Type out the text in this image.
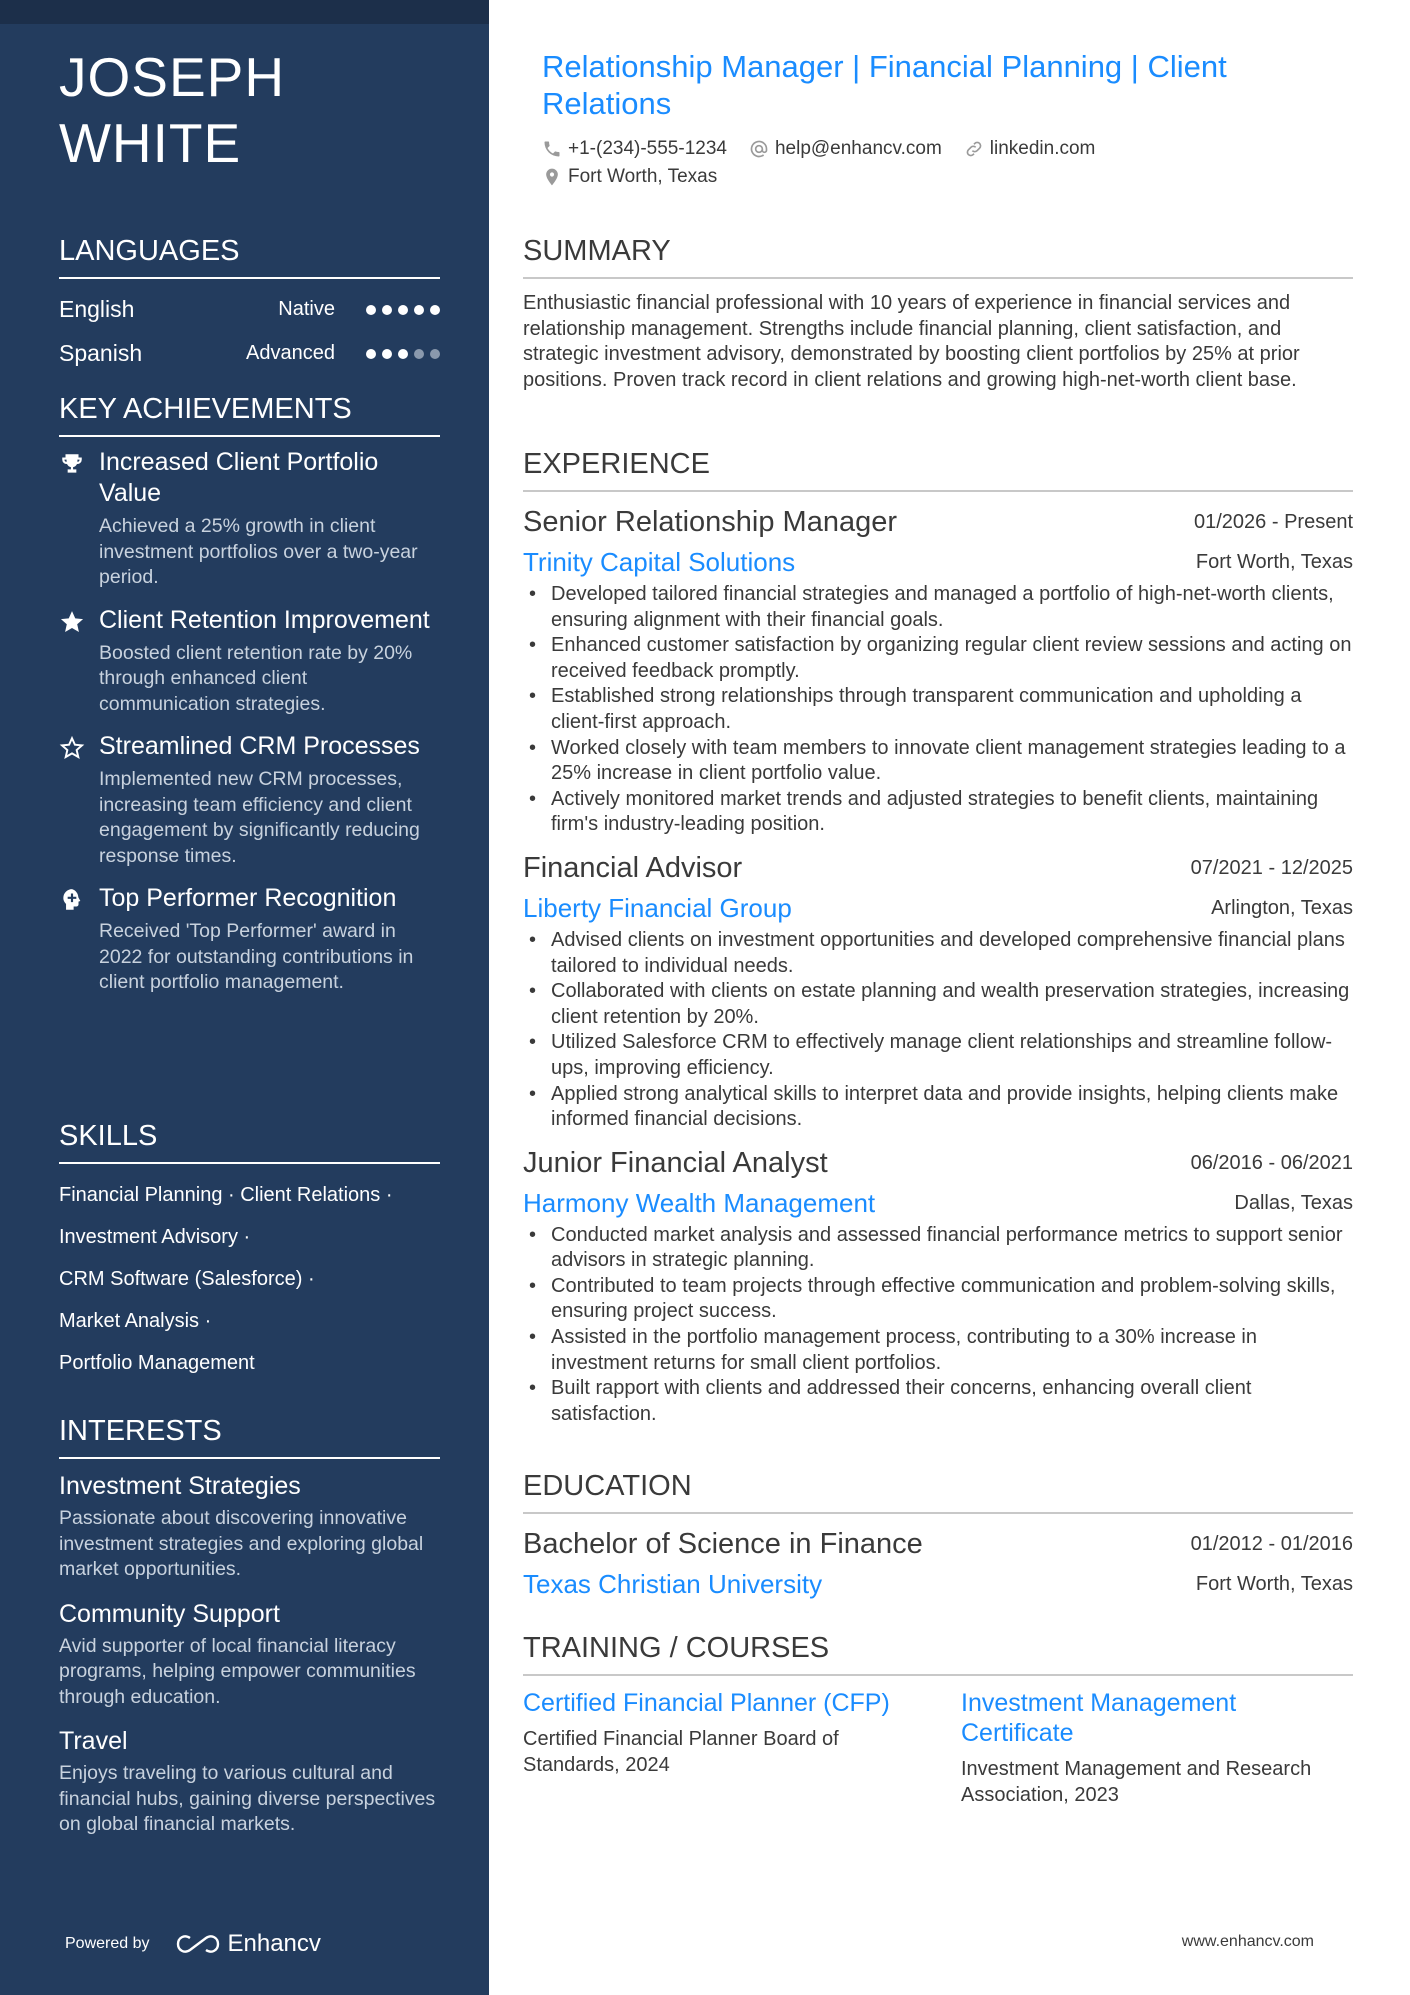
JOSEPH WHITE
LANGUAGES
English	Native
Spanish	Advanced
KEY ACHIEVEMENTS
Increased Client Portfolio Value
Achieved a 25% growth in client investment portfolios over a two-year period.
Client Retention Improvement
Boosted client retention rate by 20% through enhanced client communication strategies.
Streamlined CRM Processes
Implemented new CRM processes, increasing team efficiency and client engagement by significantly reducing response times.
Top Performer Recognition
Received 'Top Performer' award in 2022 for outstanding contributions in client portfolio management.
SKILLS
Financial Planning · Client Relations ·
Investment Advisory ·
CRM Software (Salesforce) ·
Market Analysis ·
Portfolio Management
INTERESTS
Investment Strategies
Passionate about discovering innovative investment strategies and exploring global market opportunities.
Community Support
Avid supporter of local financial literacy programs, helping empower communities through education.
Travel
Enjoys traveling to various cultural and financial hubs, gaining diverse perspectives on global financial markets.
Powered by	Enhancv
Relationship Manager | Financial Planning | Client Relations
+1-(234)-555-1234	help@enhancv.com	linkedin.com
Fort Worth, Texas
SUMMARY
Enthusiastic financial professional with 10 years of experience in financial services and relationship management. Strengths include financial planning, client satisfaction, and strategic investment advisory, demonstrated by boosting client portfolios by 25% at prior positions. Proven track record in client relations and growing high-net-worth client base.
EXPERIENCE
Senior Relationship Manager	01/2026 - Present
Trinity Capital Solutions	Fort Worth, Texas
• Developed tailored financial strategies and managed a portfolio of high-net-worth clients, ensuring alignment with their financial goals.
• Enhanced customer satisfaction by organizing regular client review sessions and acting on received feedback promptly.
• Established strong relationships through transparent communication and upholding a client-first approach.
• Worked closely with team members to innovate client management strategies leading to a 25% increase in client portfolio value.
• Actively monitored market trends and adjusted strategies to benefit clients, maintaining firm's industry-leading position.
Financial Advisor	07/2021 - 12/2025
Liberty Financial Group	Arlington, Texas
• Advised clients on investment opportunities and developed comprehensive financial plans tailored to individual needs.
• Collaborated with clients on estate planning and wealth preservation strategies, increasing client retention by 20%.
• Utilized Salesforce CRM to effectively manage client relationships and streamline follow-ups, improving efficiency.
• Applied strong analytical skills to interpret data and provide insights, helping clients make informed financial decisions.
Junior Financial Analyst	06/2016 - 06/2021
Harmony Wealth Management	Dallas, Texas
• Conducted market analysis and assessed financial performance metrics to support senior advisors in strategic planning.
• Contributed to team projects through effective communication and problem-solving skills, ensuring project success.
• Assisted in the portfolio management process, contributing to a 30% increase in investment returns for small client portfolios.
• Built rapport with clients and addressed their concerns, enhancing overall client satisfaction.
EDUCATION
Bachelor of Science in Finance	01/2012 - 01/2016
Texas Christian University	Fort Worth, Texas
TRAINING / COURSES
Certified Financial Planner (CFP)
Certified Financial Planner Board of Standards, 2024
Investment Management Certificate
Investment Management and Research Association, 2023
www.enhancv.com
